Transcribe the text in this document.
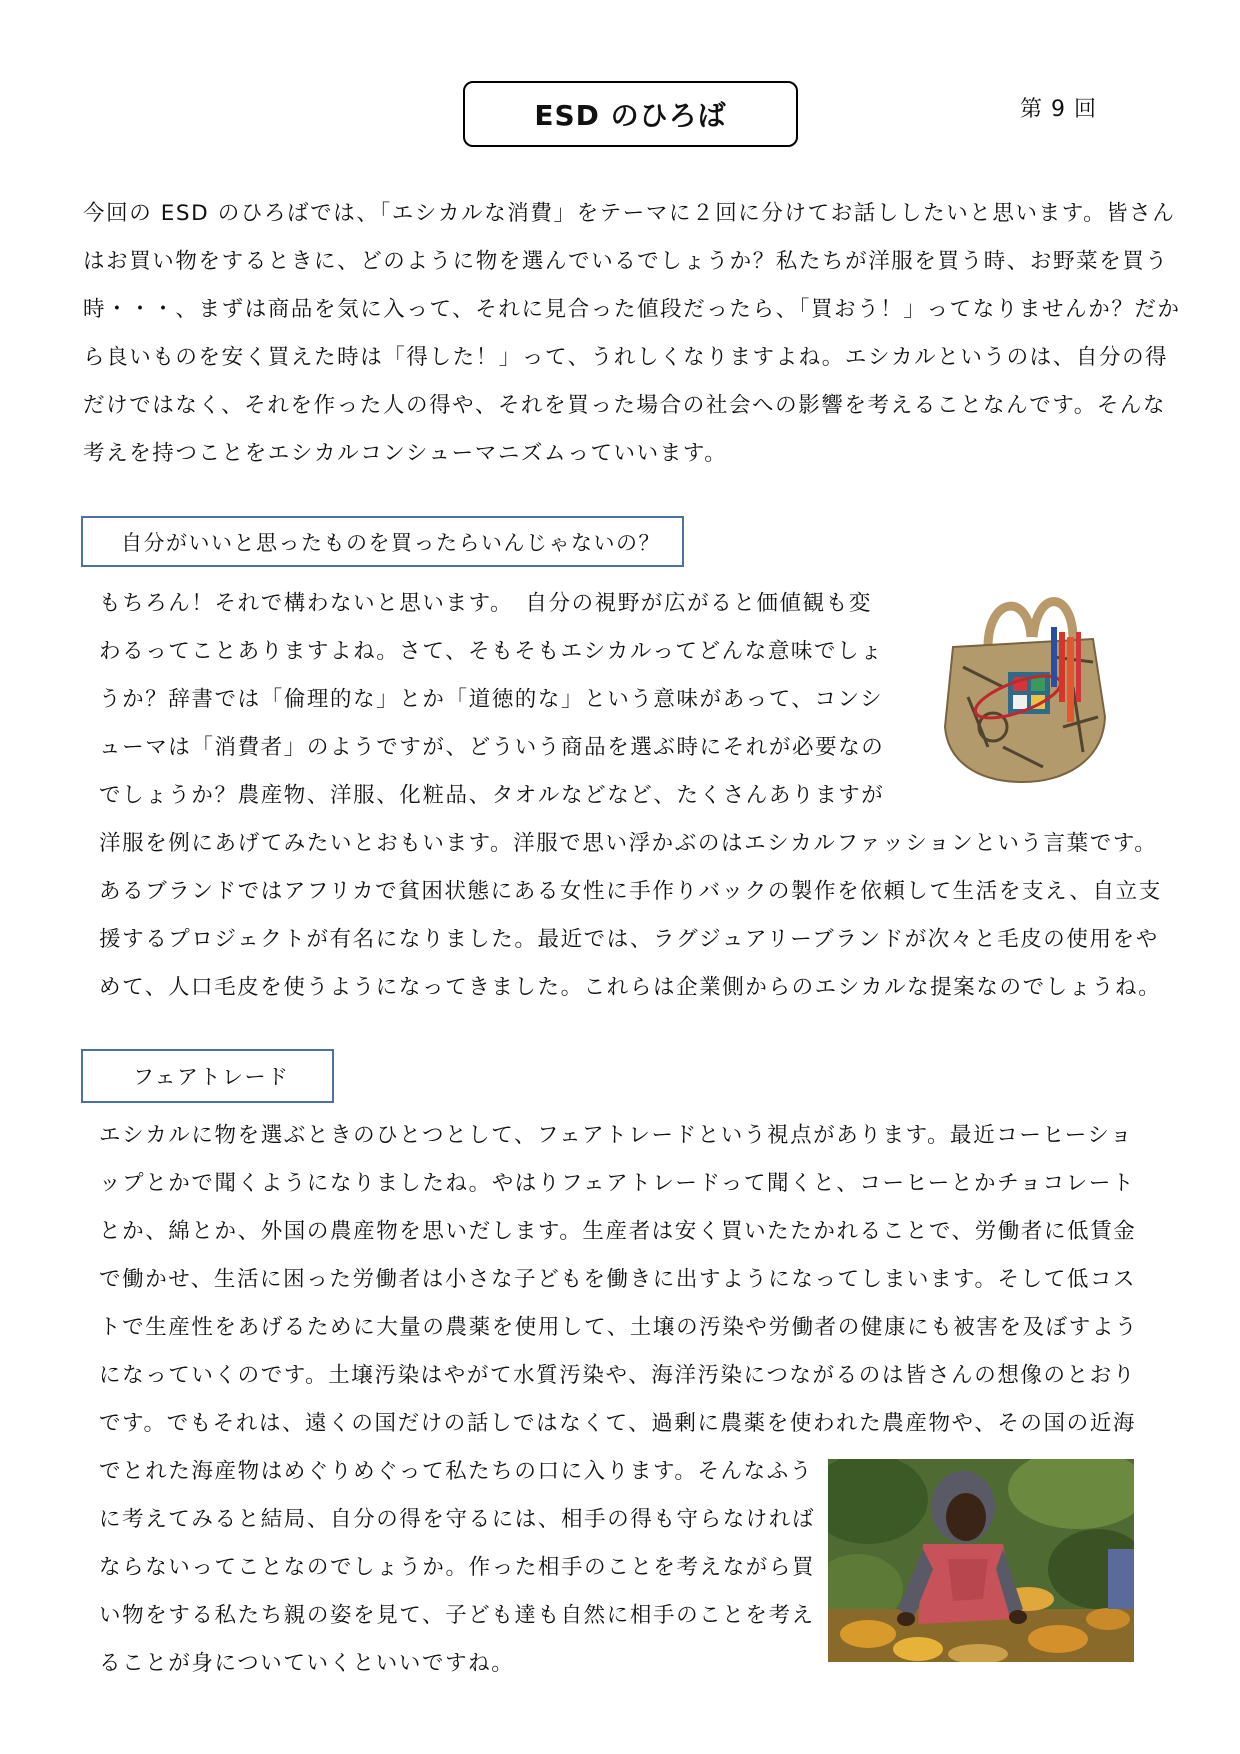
ESD のひろば	第 9 回
今回の ESD のひろばでは、「エシカルな消費」をテーマに２回に分けてお話ししたいと思います。皆さん
はお買い物をするときに、どのように物を選んでいるでしょうか？私たちが洋服を買う時、お野菜を買う
時・・・、まずは商品を気に入って、それに見合った値段だったら、「買おう！」ってなりませんか？だか
ら良いものを安く買えた時は「得した！」って、うれしくなりますよね。エシカルというのは、自分の得
だけではなく、それを作った人の得や、それを買った場合の社会への影響を考えることなんです。そんな
考えを持つことをエシカルコンシューマニズムっていいます。
自分がいいと思ったものを買ったらいんじゃないの？
もちろん！それで構わないと思います。　自分の視野が広がると価値観も変
わるってことありますよね。さて、そもそもエシカルってどんな意味でしょ
うか？辞書では「倫理的な」とか「道徳的な」という意味があって、コンシ
ューマは「消費者」のようですが、どういう商品を選ぶ時にそれが必要なの
でしょうか？農産物、洋服、化粧品、タオルなどなど、たくさんありますが
洋服を例にあげてみたいとおもいます。洋服で思い浮かぶのはエシカルファッションという言葉です。
あるブランドではアフリカで貧困状態にある女性に手作りバックの製作を依頼して生活を支え、自立支
援するプロジェクトが有名になりました。最近では、ラグジュアリーブランドが次々と毛皮の使用をや
めて、人口毛皮を使うようになってきました。これらは企業側からのエシカルな提案なのでしょうね。
フェアトレード
エシカルに物を選ぶときのひとつとして、フェアトレードという視点があります。最近コーヒーショ
ップとかで聞くようになりましたね。やはりフェアトレードって聞くと、コーヒーとかチョコレート
とか、綿とか、外国の農産物を思いだします。生産者は安く買いたたかれることで、労働者に低賃金
で働かせ、生活に困った労働者は小さな子どもを働きに出すようになってしまいます。そして低コス
トで生産性をあげるために大量の農薬を使用して、土壌の汚染や労働者の健康にも被害を及ぼすよう
になっていくのです。土壌汚染はやがて水質汚染や、海洋汚染につながるのは皆さんの想像のとおり
です。でもそれは、遠くの国だけの話しではなくて、過剰に農薬を使われた農産物や、その国の近海
でとれた海産物はめぐりめぐって私たちの口に入ります。そんなふう
に考えてみると結局、自分の得を守るには、相手の得も守らなければ
ならないってことなのでしょうか。作った相手のことを考えながら買
い物をする私たち親の姿を見て、子ども達も自然に相手のことを考え
ることが身についていくといいですね。
